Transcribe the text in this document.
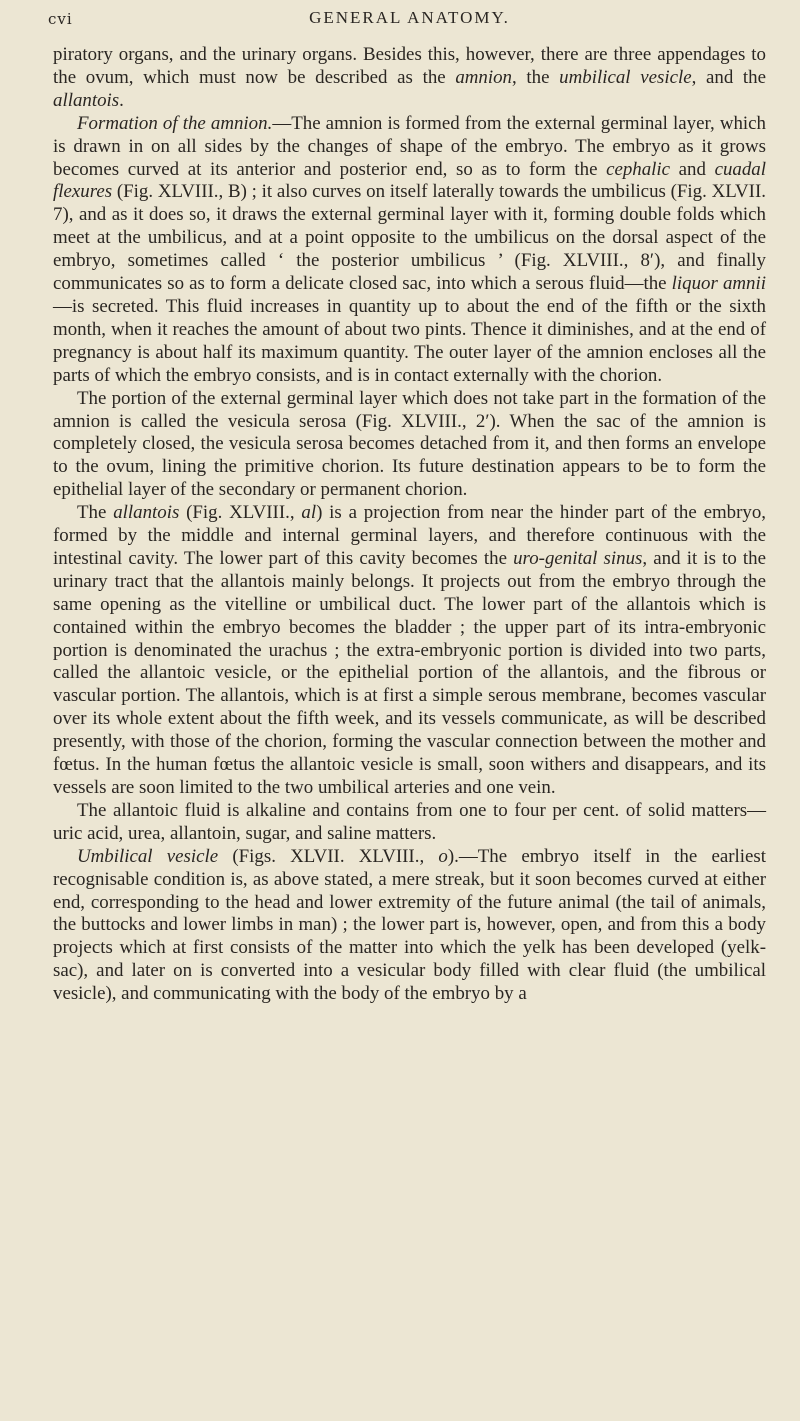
cvi	GENERAL ANATOMY.

piratory organs, and the urinary organs. Besides this, however, there are three appendages to the ovum, which must now be described as the amnion, the umbilical vesicle, and the allantois.

Formation of the amnion.—The amnion is formed from the external germinal layer, which is drawn in on all sides by the changes of shape of the embryo. The embryo as it grows becomes curved at its anterior and posterior end, so as to form the cephalic and cuadal flexures (Fig. XLVIII., B) ; it also curves on itself laterally towards the umbilicus (Fig. XLVII. 7), and as it does so, it draws the external germinal layer with it, forming double folds which meet at the umbilicus, and at a point opposite to the umbilicus on the dorsal aspect of the embryo, sometimes called ‘ the posterior umbilicus ’ (Fig. XLVIII., 8′), and finally communicates so as to form a delicate closed sac, into which a serous fluid—the liquor amnii—is secreted. This fluid increases in quantity up to about the end of the fifth or the sixth month, when it reaches the amount of about two pints. Thence it diminishes, and at the end of pregnancy is about half its maximum quantity. The outer layer of the amnion encloses all the parts of which the embryo consists, and is in contact externally with the chorion.

The portion of the external germinal layer which does not take part in the formation of the amnion is called the vesicula serosa (Fig. XLVIII., 2′). When the sac of the amnion is completely closed, the vesicula serosa becomes detached from it, and then forms an envelope to the ovum, lining the primitive chorion. Its future destination appears to be to form the epithelial layer of the secondary or permanent chorion.

The allantois (Fig. XLVIII., al) is a projection from near the hinder part of the embryo, formed by the middle and internal germinal layers, and therefore continuous with the intestinal cavity. The lower part of this cavity becomes the uro-genital sinus, and it is to the urinary tract that the allantois mainly belongs. It projects out from the embryo through the same opening as the vitelline or umbilical duct. The lower part of the allantois which is contained within the embryo becomes the bladder ; the upper part of its intra-embryonic portion is denominated the urachus ; the extra-embryonic portion is divided into two parts, called the allantoic vesicle, or the epithelial portion of the allantois, and the fibrous or vascular portion. The allantois, which is at first a simple serous membrane, becomes vascular over its whole extent about the fifth week, and its vessels communicate, as will be described presently, with those of the chorion, forming the vascular connection between the mother and fœtus. In the human fœtus the allantoic vesicle is small, soon withers and disappears, and its vessels are soon limited to the two umbilical arteries and one vein.

The allantoic fluid is alkaline and contains from one to four per cent. of solid matters—uric acid, urea, allantoin, sugar, and saline matters.

Umbilical vesicle (Figs. XLVII. XLVIII., o).—The embryo itself in the earliest recognisable condition is, as above stated, a mere streak, but it soon becomes curved at either end, corresponding to the head and lower extremity of the future animal (the tail of animals, the buttocks and lower limbs in man) ; the lower part is, however, open, and from this a body projects which at first consists of the matter into which the yelk has been developed (yelk-sac), and later on is converted into a vesicular body filled with clear fluid (the umbilical vesicle), and communicating with the body of the embryo by a
